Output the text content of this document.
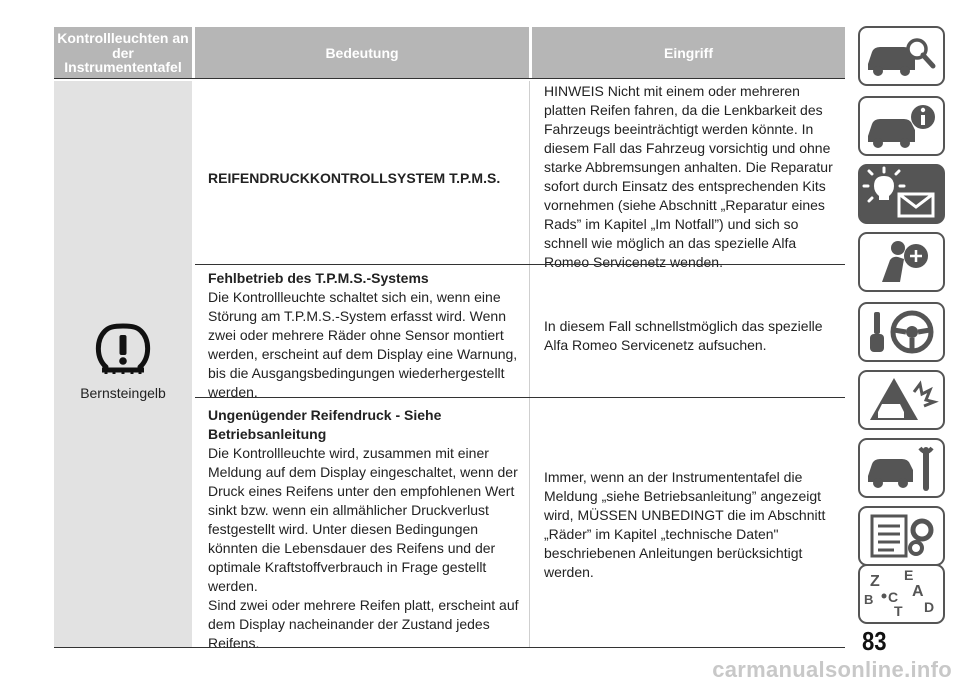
Kontrollleuchten an der Instrumententafel
Bedeutung	Eingriff
Bernsteingelb
REIFENDRUCKKONTROLLSYSTEM T.P.M.S.
HINWEIS Nicht mit einem oder mehreren platten Reifen fahren, da die Lenkbarkeit des Fahrzeugs beeinträchtigt werden könnte. In diesem Fall das Fahrzeug vorsichtig und ohne starke Abbremsungen anhalten. Die Reparatur sofort durch Einsatz des entsprechenden Kits vornehmen (siehe Abschnitt „Reparatur eines Rads” im Kapitel „Im Notfall”) und sich so schnell wie möglich an das spezielle Alfa Romeo Servicenetz wenden.
Fehlbetrieb des T.P.M.S.-Systems
Die Kontrollleuchte schaltet sich ein, wenn eine Störung am T.P.M.S.-System erfasst wird. Wenn zwei oder mehrere Räder ohne Sensor montiert werden, erscheint auf dem Display eine Warnung, bis die Ausgangsbedingungen wiederhergestellt werden.
In diesem Fall schnellstmöglich das spezielle Alfa Romeo Servicenetz aufsuchen.
Ungenügender Reifendruck - Siehe Betriebsanleitung
Die Kontrollleuchte wird, zusammen mit einer Meldung auf dem Display eingeschaltet, wenn der Druck eines Reifens unter den empfohlenen Wert sinkt bzw. wenn ein allmählicher Druckverlust festgestellt wird. Unter diesen Bedingungen könnten die Lebensdauer des Reifens und der optimale Kraftstoffverbrauch in Frage gestellt werden.
Sind zwei oder mehrere Reifen platt, erscheint auf dem Display nacheinander der Zustand jedes Reifens.
Immer, wenn an der Instrumententafel die Meldung „siehe Betriebsanleitung” angezeigt wird, MÜSSEN UNBEDINGT die im Abschnitt „Räder” im Kapitel „technische Daten" beschriebenen Anleitungen berücksichtigt werden.
Z E
A
B C
T D
83
carmanualsonline.info
